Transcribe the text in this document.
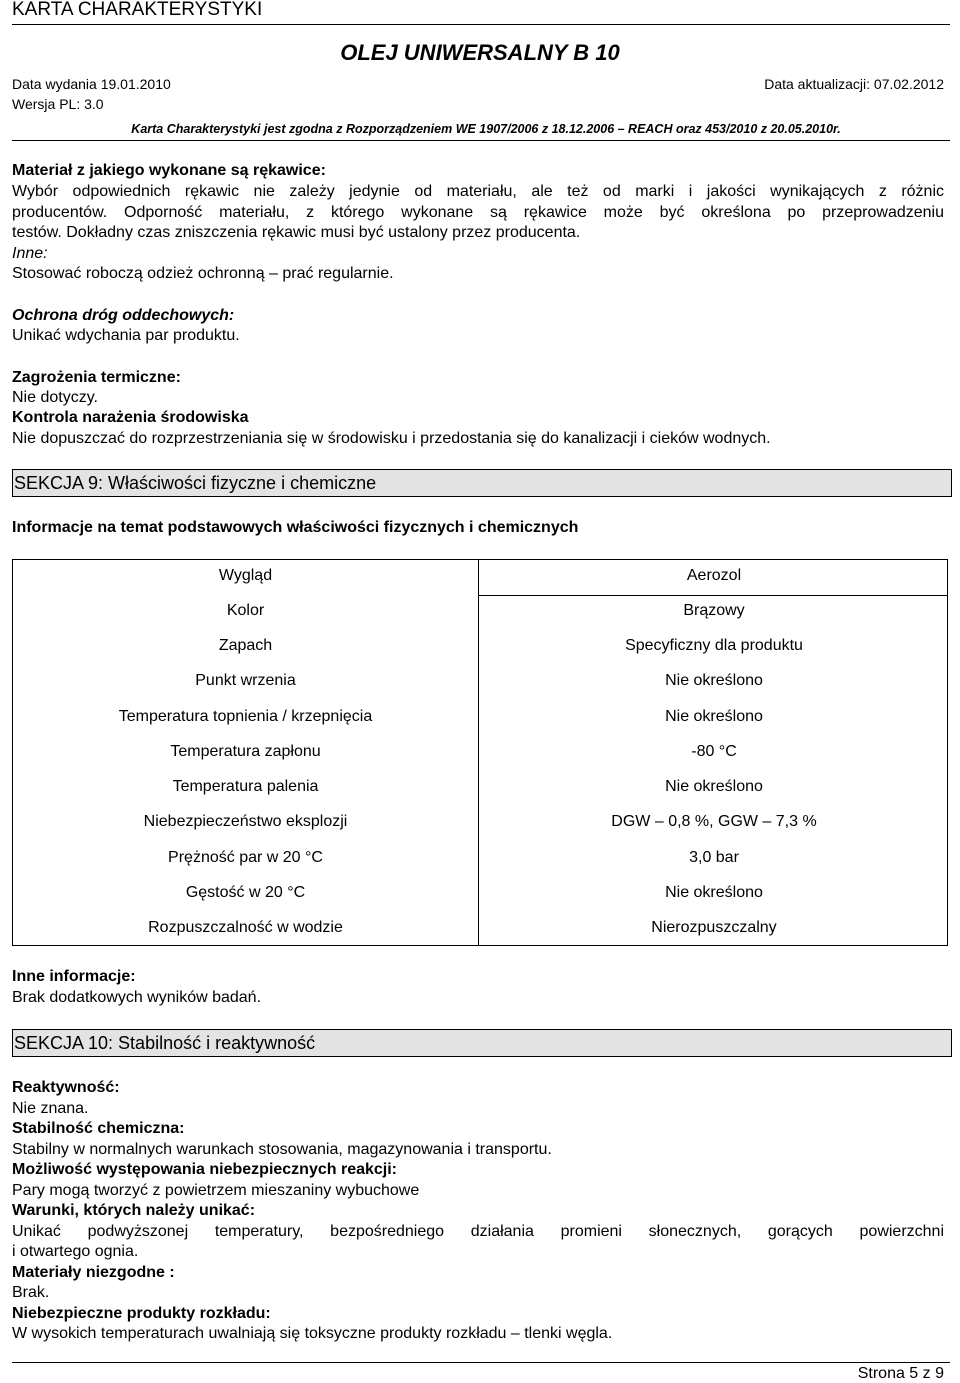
KARTA CHARAKTERYSTYKI
OLEJ UNIWERSALNY B 10
Data wydania 19.01.2010	Data aktualizacji: 07.02.2012
Wersja PL: 3.0
Karta Charakterystyki jest zgodna z Rozporządzeniem WE 1907/2006 z 18.12.2006 – REACH oraz 453/2010 z 20.05.2010r.
Materiał z jakiego wykonane są rękawice:
Wybór odpowiednich rękawic nie zależy jedynie od materiału, ale też od marki i jakości wynikających z różnic
producentów. Odporność materiału, z którego wykonane są rękawice może być określona po przeprowadzeniu
testów. Dokładny czas zniszczenia rękawic musi być ustalony przez producenta.
Inne:
Stosować roboczą odzież ochronną – prać regularnie.
Ochrona dróg oddechowych:
Unikać wdychania par produktu.
Zagrożenia termiczne:
Nie dotyczy.
Kontrola narażenia środowiska
Nie dopuszczać do rozprzestrzeniania się w środowisku i przedostania się do kanalizacji i cieków wodnych.
SEKCJA 9: Właściwości fizyczne i chemiczne
Informacje na temat podstawowych właściwości fizycznych i chemicznych
Wygląd	Aerozol
Kolor	Brązowy
Zapach	Specyficzny dla produktu
Punkt wrzenia	Nie określono
Temperatura topnienia / krzepnięcia	Nie określono
Temperatura zapłonu	-80 °C
Temperatura palenia	Nie określono
Niebezpieczeństwo eksplozji	DGW – 0,8 %, GGW – 7,3 %
Prężność par w 20 °C	3,0 bar
Gęstość w 20 °C	Nie określono
Rozpuszczalność w wodzie	Nierozpuszczalny
Inne informacje:
Brak dodatkowych wyników badań.
SEKCJA 10: Stabilność i reaktywność
Reaktywność:
Nie znana.
Stabilność chemiczna:
Stabilny w normalnych warunkach stosowania, magazynowania i transportu.
Możliwość występowania niebezpiecznych reakcji:
Pary mogą tworzyć z powietrzem mieszaniny wybuchowe
Warunki, których należy unikać:
Unikać podwyższonej temperatury, bezpośredniego działania promieni słonecznych, gorących powierzchni
i otwartego ognia.
Materiały niezgodne :
Brak.
Niebezpieczne produkty rozkładu:
W wysokich temperaturach uwalniają się toksyczne produkty rozkładu – tlenki węgla.
Strona 5 z 9
